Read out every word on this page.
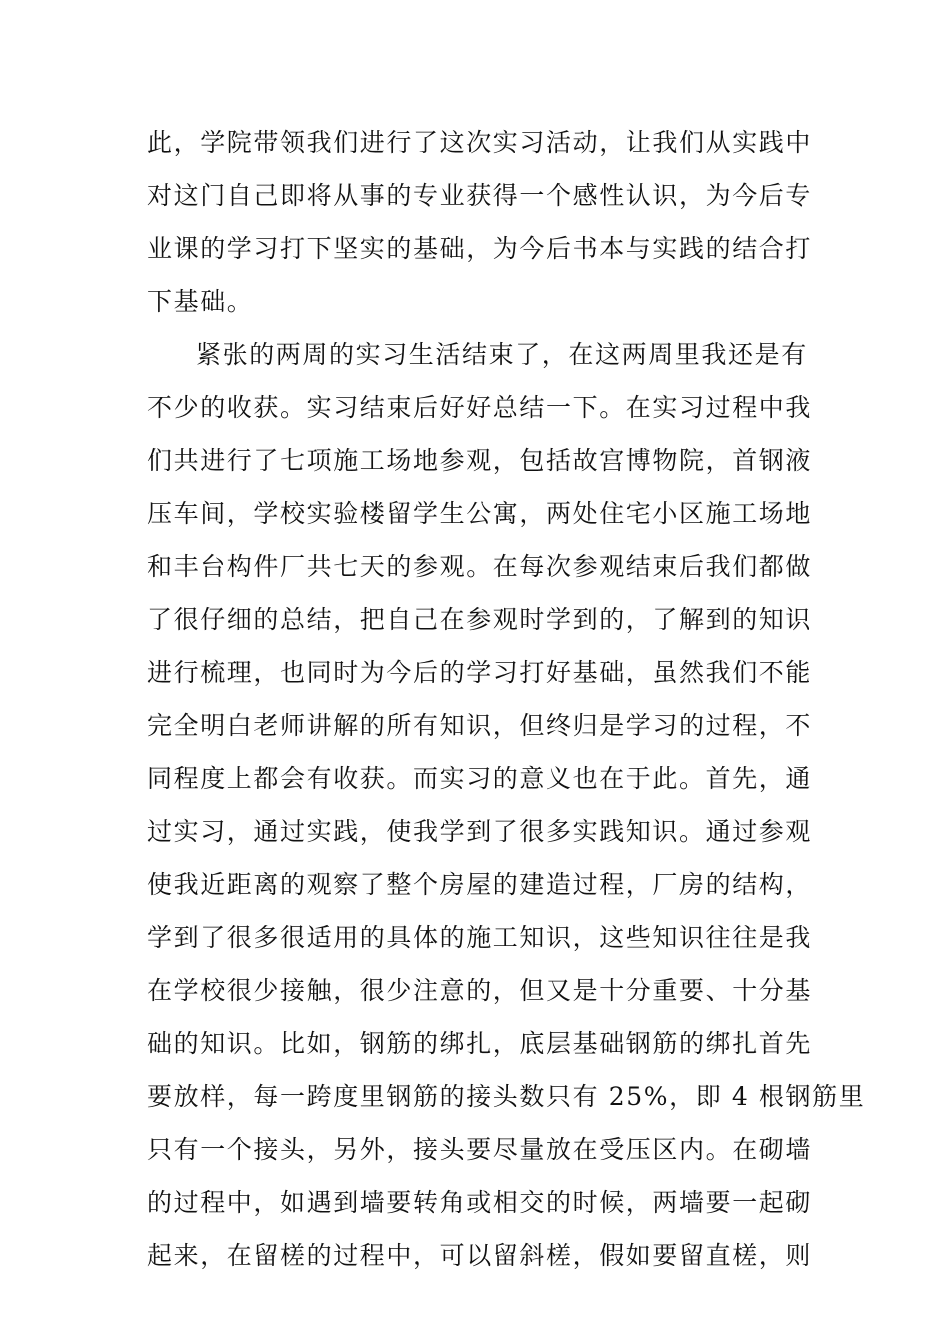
此，学院带领我们进行了这次实习活动，让我们从实践中
对这门自己即将从事的专业获得一个感性认识，为今后专
业课的学习打下坚实的基础，为今后书本与实践的结合打
下基础。
紧张的两周的实习生活结束了，在这两周里我还是有
不少的收获。实习结束后好好总结一下。在实习过程中我
们共进行了七项施工场地参观，包括故宫博物院，首钢液
压车间，学校实验楼留学生公寓，两处住宅小区施工场地
和丰台构件厂共七天的参观。在每次参观结束后我们都做
了很仔细的总结，把自己在参观时学到的，了解到的知识
进行梳理，也同时为今后的学习打好基础，虽然我们不能
完全明白老师讲解的所有知识，但终归是学习的过程，不
同程度上都会有收获。而实习的意义也在于此。首先，通
过实习，通过实践，使我学到了很多实践知识。通过参观
使我近距离的观察了整个房屋的建造过程，厂房的结构，
学到了很多很适用的具体的施工知识，这些知识往往是我
在学校很少接触，很少注意的，但又是十分重要、十分基
础的知识。比如，钢筋的绑扎，底层基础钢筋的绑扎首先
要放样，每一跨度里钢筋的接头数只有 25%，即 4 根钢筋里
只有一个接头，另外，接头要尽量放在受压区内。在砌墙
的过程中，如遇到墙要转角或相交的时候，两墙要一起砌
起来，在留槎的过程中，可以留斜槎，假如要留直槎，则
